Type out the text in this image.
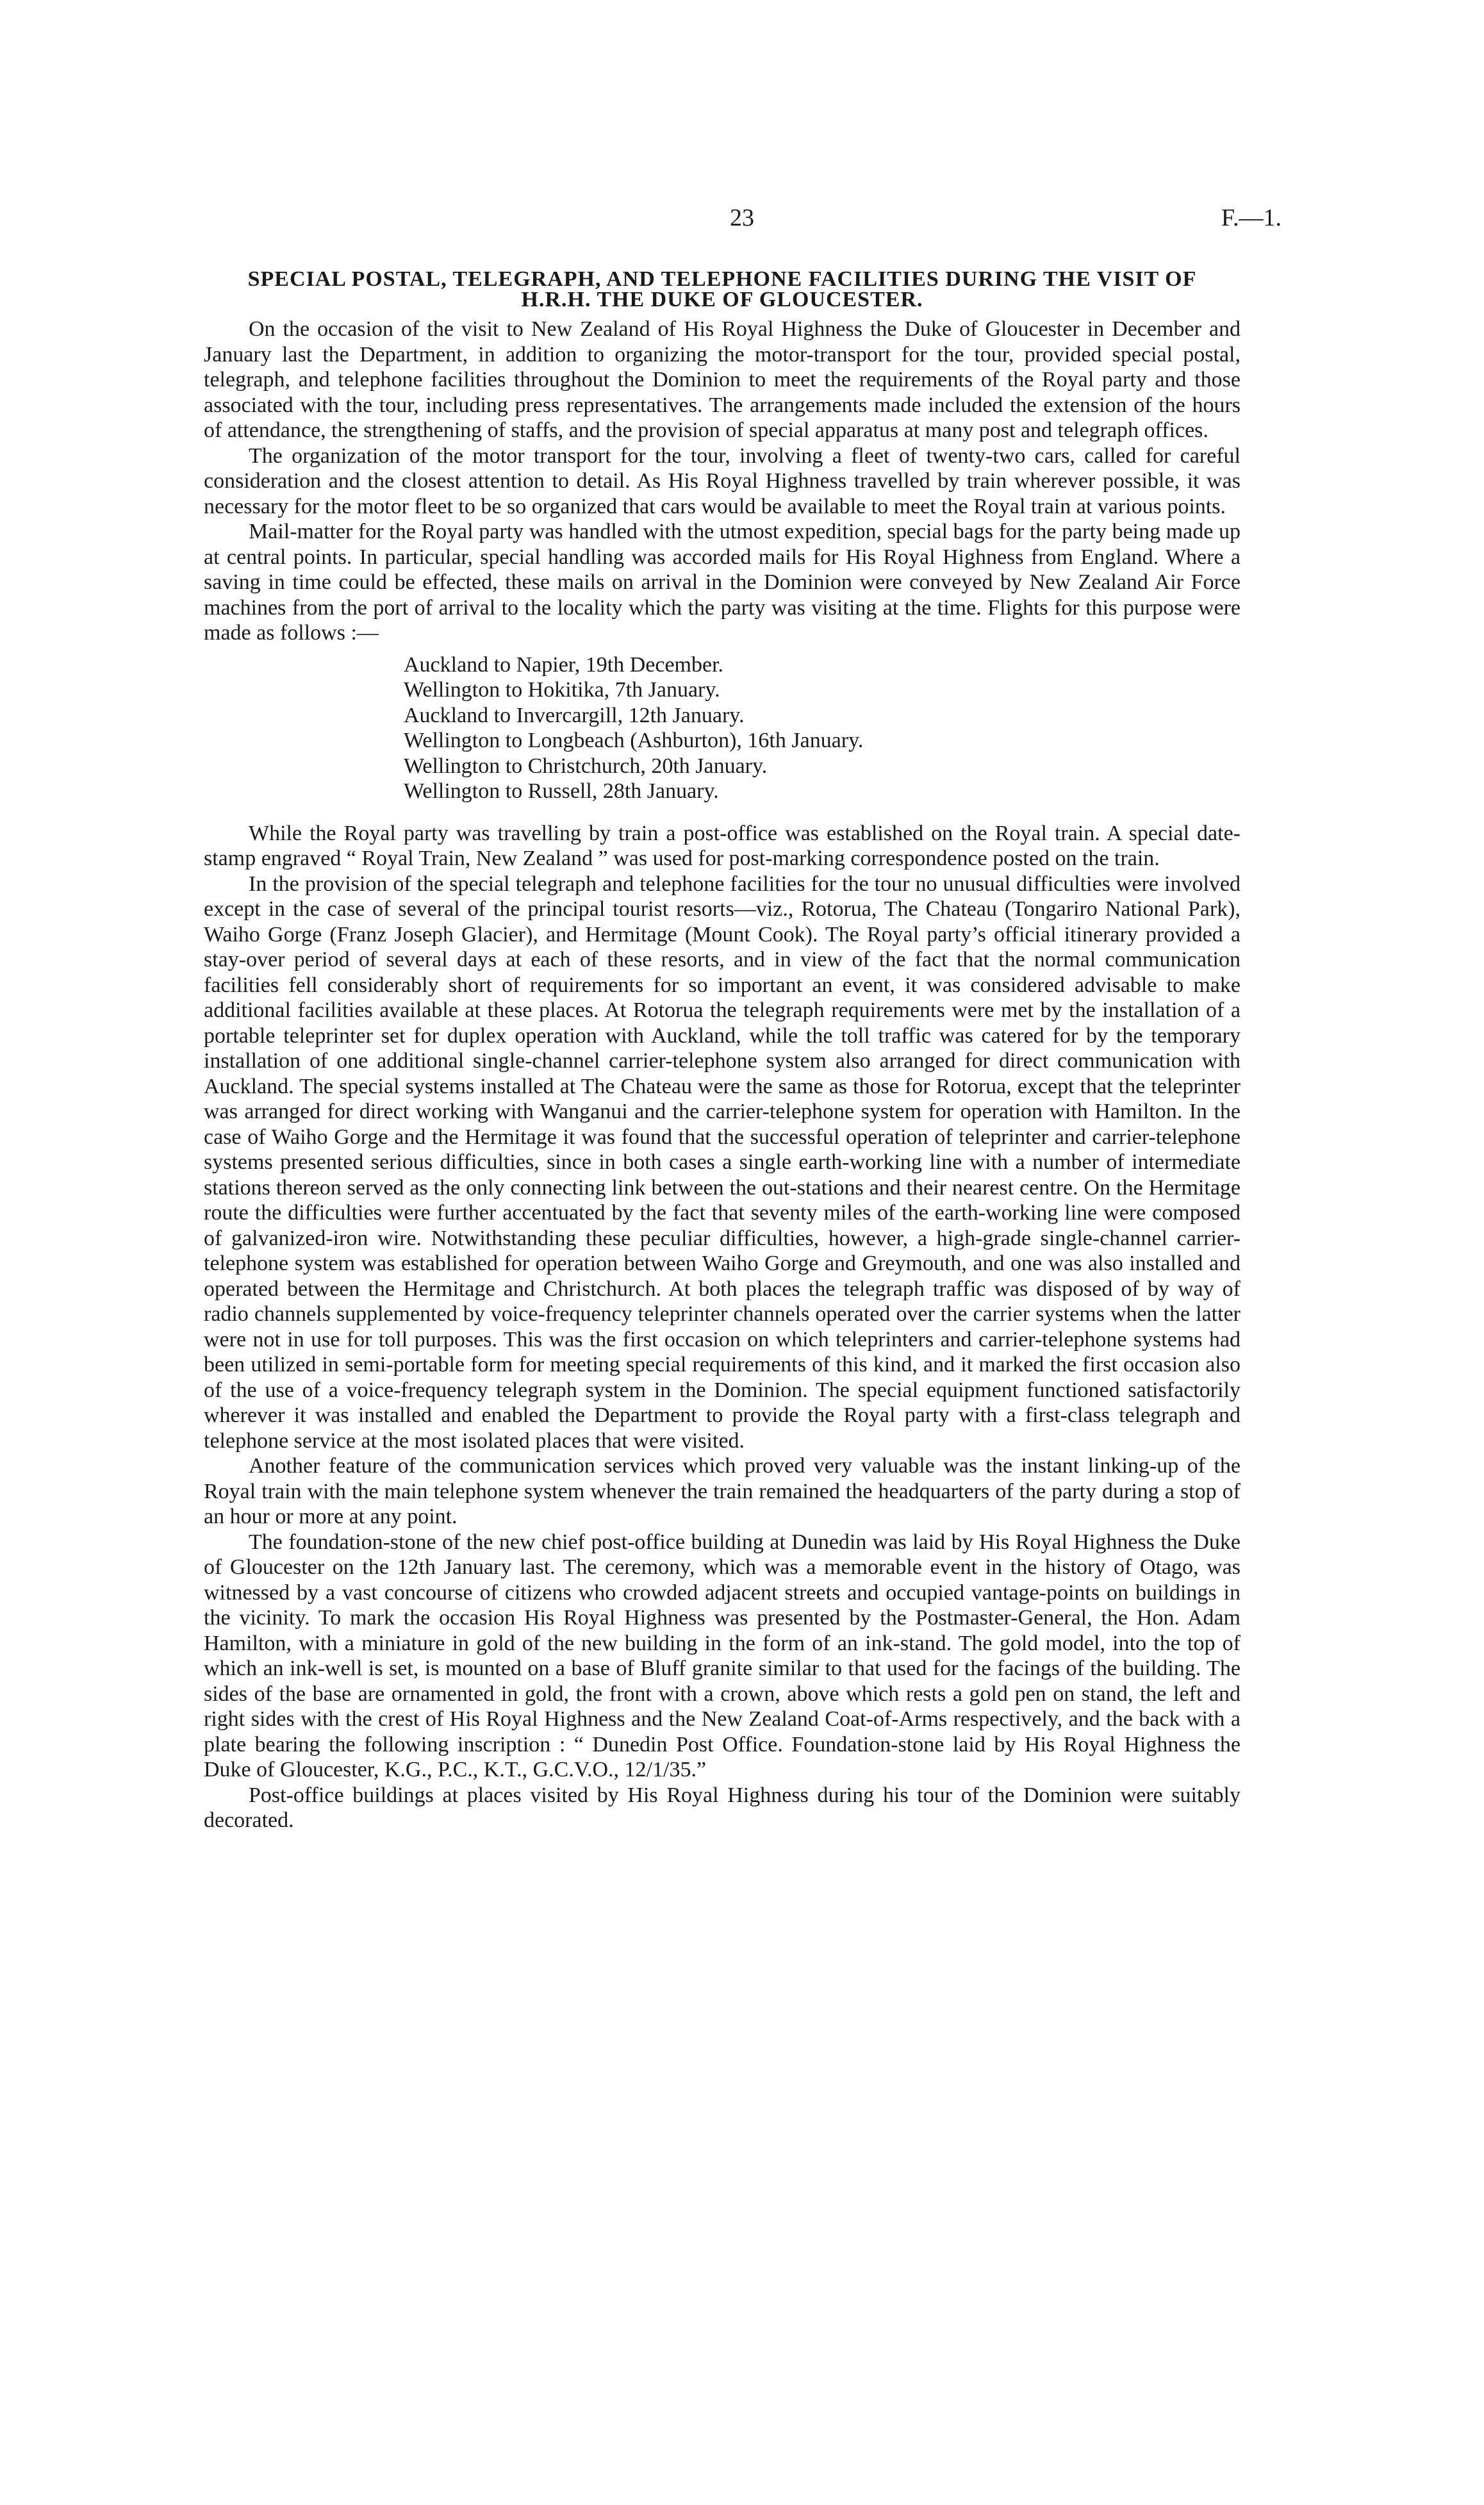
23	F.—1.
SPECIAL POSTAL, TELEGRAPH, AND TELEPHONE FACILITIES DURING THE VISIT OF
H.R.H. THE DUKE OF GLOUCESTER.

On the occasion of the visit to New Zealand of His Royal Highness the Duke of Gloucester in December and January last the Department, in addition to organizing the motor-transport for the tour, provided special postal, telegraph, and telephone facilities throughout the Dominion to meet the requirements of the Royal party and those associated with the tour, including press representatives. The arrangements made included the extension of the hours of attendance, the strengthening of staffs, and the provision of special apparatus at many post and telegraph offices.

The organization of the motor transport for the tour, involving a fleet of twenty-two cars, called for careful consideration and the closest attention to detail. As His Royal Highness travelled by train wherever possible, it was necessary for the motor fleet to be so organized that cars would be available to meet the Royal train at various points.

Mail-matter for the Royal party was handled with the utmost expedition, special bags for the party being made up at central points. In particular, special handling was accorded mails for His Royal Highness from England. Where a saving in time could be effected, these mails on arrival in the Dominion were conveyed by New Zealand Air Force machines from the port of arrival to the locality which the party was visiting at the time. Flights for this purpose were made as follows :—

Auckland to Napier, 19th December.
Wellington to Hokitika, 7th January.
Auckland to Invercargill, 12th January.
Wellington to Longbeach (Ashburton), 16th January.
Wellington to Christchurch, 20th January.
Wellington to Russell, 28th January.

While the Royal party was travelling by train a post-office was established on the Royal train. A special date-stamp engraved “ Royal Train, New Zealand ” was used for post-marking correspondence posted on the train.

In the provision of the special telegraph and telephone facilities for the tour no unusual difficulties were involved except in the case of several of the principal tourist resorts—viz., Rotorua, The Chateau (Tongariro National Park), Waiho Gorge (Franz Joseph Glacier), and Hermitage (Mount Cook). The Royal party’s official itinerary provided a stay-over period of several days at each of these resorts, and in view of the fact that the normal communication facilities fell considerably short of requirements for so important an event, it was considered advisable to make additional facilities available at these places. At Rotorua the telegraph requirements were met by the installation of a portable teleprinter set for duplex operation with Auckland, while the toll traffic was catered for by the temporary installation of one additional single-channel carrier-telephone system also arranged for direct communication with Auckland. The special systems installed at The Chateau were the same as those for Rotorua, except that the teleprinter was arranged for direct working with Wanganui and the carrier-telephone system for operation with Hamilton. In the case of Waiho Gorge and the Hermitage it was found that the successful operation of teleprinter and carrier-telephone systems presented serious difficulties, since in both cases a single earth-working line with a number of intermediate stations thereon served as the only connecting link between the out-stations and their nearest centre. On the Hermitage route the difficulties were further accentuated by the fact that seventy miles of the earth-working line were composed of galvanized-iron wire. Notwithstanding these peculiar difficulties, however, a high-grade single-channel carrier-telephone system was established for operation between Waiho Gorge and Greymouth, and one was also installed and operated between the Hermitage and Christchurch. At both places the telegraph traffic was disposed of by way of radio channels supplemented by voice-frequency teleprinter channels operated over the carrier systems when the latter were not in use for toll purposes. This was the first occasion on which teleprinters and carrier-telephone systems had been utilized in semi-portable form for meeting special requirements of this kind, and it marked the first occasion also of the use of a voice-frequency telegraph system in the Dominion. The special equipment functioned satisfactorily wherever it was installed and enabled the Department to provide the Royal party with a first-class telegraph and telephone service at the most isolated places that were visited.

Another feature of the communication services which proved very valuable was the instant linking-up of the Royal train with the main telephone system whenever the train remained the headquarters of the party during a stop of an hour or more at any point.

The foundation-stone of the new chief post-office building at Dunedin was laid by His Royal Highness the Duke of Gloucester on the 12th January last. The ceremony, which was a memorable event in the history of Otago, was witnessed by a vast concourse of citizens who crowded adjacent streets and occupied vantage-points on buildings in the vicinity. To mark the occasion His Royal Highness was presented by the Postmaster-General, the Hon. Adam Hamilton, with a miniature in gold of the new building in the form of an ink-stand. The gold model, into the top of which an ink-well is set, is mounted on a base of Bluff granite similar to that used for the facings of the building. The sides of the base are ornamented in gold, the front with a crown, above which rests a gold pen on stand, the left and right sides with the crest of His Royal Highness and the New Zealand Coat-of-Arms respectively, and the back with a plate bearing the following inscription : “ Dunedin Post Office. Foundation-stone laid by His Royal Highness the Duke of Gloucester, K.G., P.C., K.T., G.C.V.O., 12/1/35.”

Post-office buildings at places visited by His Royal Highness during his tour of the Dominion were suitably decorated.
